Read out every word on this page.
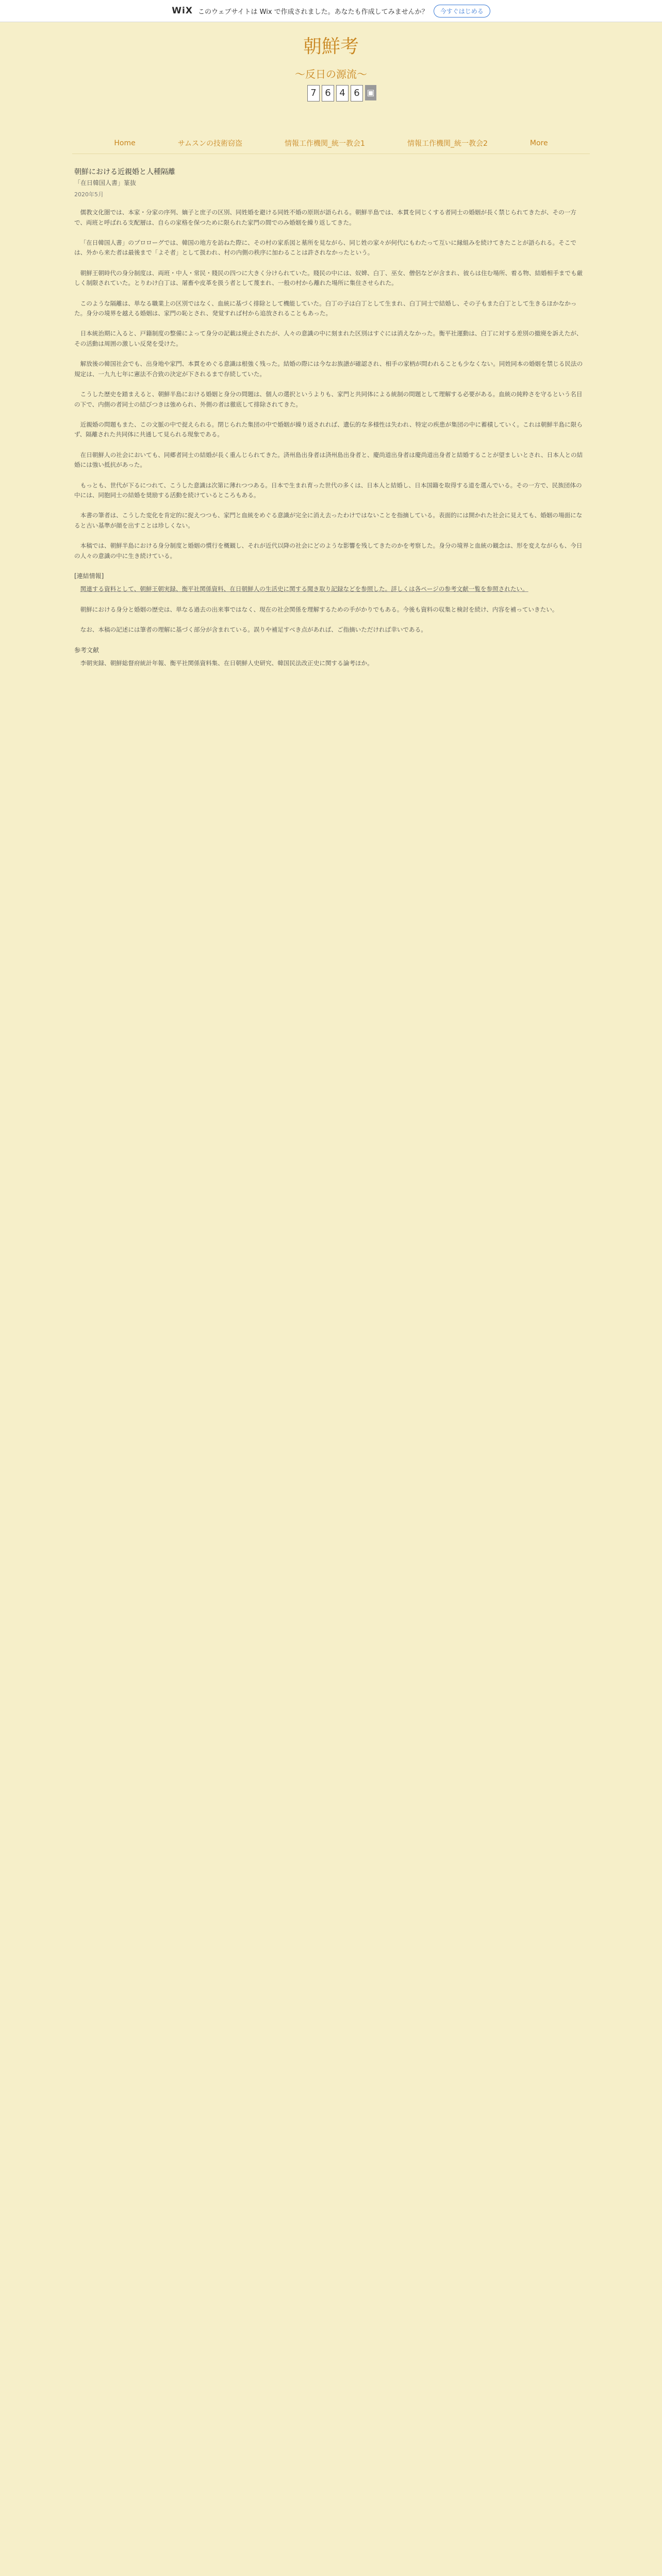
WiX このウェブサイトは Wix で作成されました。あなたも作成してみませんか？	今すぐはじめる
朝鮮考
～反日の源流～
7 6 4 6 ▣
Home	サムスンの技術窃盗	情報工作機関_統一教会1	情報工作機関_統一教会2	More
朝鮮における近親婚と人種隔離
「在日韓国人書」篆抜
2020年5月

儒教文化圏では、本家・分家の序列、嫡子と庶子の区別、同姓婚を避ける同姓不婚の原則が語られる。朝鮮半島では、本貫を同じくする者同士の婚姻が長く禁じられてきたが、その一方で、両班と呼ばれる支配層は、自らの家格を保つために限られた家門の間でのみ婚姻を繰り返してきた。

「在日韓国人書」のプロローグでは、韓国の地方を訪ねた際に、その村の家系図と墓所を見ながら、同じ姓の家々が何代にもわたって互いに縁組みを続けてきたことが語られる。そこでは、外から来た者は最後まで「よそ者」として扱われ、村の内側の秩序に加わることは許されなかったという。

朝鮮王朝時代の身分制度は、両班・中人・常民・賤民の四つに大きく分けられていた。賤民の中には、奴婢、白丁、巫女、僧侶などが含まれ、彼らは住む場所、着る物、結婚相手までも厳しく制限されていた。とりわけ白丁は、屠畜や皮革を扱う者として蔑まれ、一般の村から離れた場所に集住させられた。

このような隔離は、単なる職業上の区別ではなく、血統に基づく排除として機能していた。白丁の子は白丁として生まれ、白丁同士で結婚し、その子もまた白丁として生きるほかなかった。身分の境界を越える婚姻は、家門の恥とされ、発覚すれば村から追放されることもあった。

日本統治期に入ると、戸籍制度の整備によって身分の記載は廃止されたが、人々の意識の中に刻まれた区別はすぐには消えなかった。衡平社運動は、白丁に対する差別の撤廃を訴えたが、その活動は周囲の激しい反発を受けた。

解放後の韓国社会でも、出身地や家門、本貫をめぐる意識は根強く残った。結婚の際には今なお族譜が確認され、相手の家柄が問われることも少なくない。同姓同本の婚姻を禁じる民法の規定は、一九九七年に憲法不合致の決定が下されるまで存続していた。

こうした歴史を踏まえると、朝鮮半島における婚姻と身分の問題は、個人の選択というよりも、家門と共同体による統制の問題として理解する必要がある。血統の純粋さを守るという名目の下で、内側の者同士の結びつきは強められ、外側の者は徹底して排除されてきた。

近親婚の問題もまた、この文脈の中で捉えられる。閉じられた集団の中で婚姻が繰り返されれば、遺伝的な多様性は失われ、特定の疾患が集団の中に蓄積していく。これは朝鮮半島に限らず、隔離された共同体に共通して見られる現象である。

在日朝鮮人の社会においても、同郷者同士の結婚が長く重んじられてきた。済州島出身者は済州島出身者と、慶尚道出身者は慶尚道出身者と結婚することが望ましいとされ、日本人との結婚には強い抵抗があった。

もっとも、世代が下るにつれて、こうした意識は次第に薄れつつある。日本で生まれ育った世代の多くは、日本人と結婚し、日本国籍を取得する道を選んでいる。その一方で、民族団体の中には、同胞同士の結婚を奨励する活動を続けているところもある。

本書の筆者は、こうした変化を肯定的に捉えつつも、家門と血統をめぐる意識が完全に消え去ったわけではないことを指摘している。表面的には開かれた社会に見えても、婚姻の場面になると古い基準が顔を出すことは珍しくない。

本稿では、朝鮮半島における身分制度と婚姻の慣行を概観し、それが近代以降の社会にどのような影響を残してきたのかを考察した。身分の境界と血統の観念は、形を変えながらも、今日の人々の意識の中に生き続けている。

[連結情報]

関連する資料として、朝鮮王朝実録、衡平社関係資料、在日朝鮮人の生活史に関する聞き取り記録などを参照した。詳しくは各ページの参考文献一覧を参照されたい。

朝鮮における身分と婚姻の歴史は、単なる過去の出来事ではなく、現在の社会関係を理解するための手がかりでもある。今後も資料の収集と検討を続け、内容を補っていきたい。

なお、本稿の記述には筆者の理解に基づく部分が含まれている。誤りや補足すべき点があれば、ご指摘いただければ幸いである。

参考文献

李朝実録、朝鮮総督府統計年報、衡平社関係資料集、在日朝鮮人史研究、韓国民法改正史に関する論考ほか。
